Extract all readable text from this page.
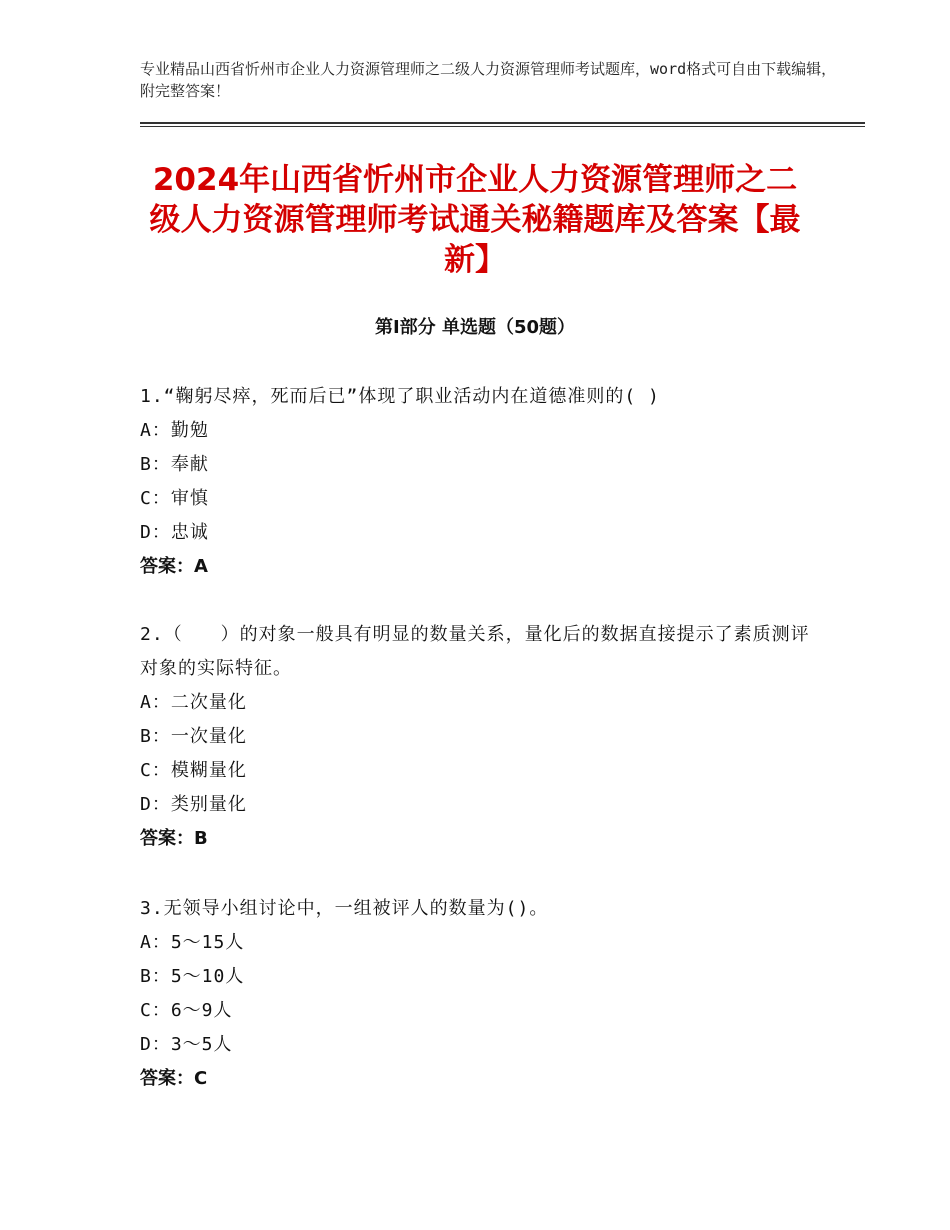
专业精品山西省忻州市企业人力资源管理师之二级人力资源管理师考试题库，word格式可自由下载编辑，附完整答案！
2024年山西省忻州市企业人力资源管理师之二级人力资源管理师考试通关秘籍题库及答案【最新】
第Ⅰ部分 单选题（50题）

1.“鞠躬尽瘁，死而后已”体现了职业活动内在道德准则的( )

A：勤勉

B：奉献

C：审慎

D：忠诚

答案：A

2.（　　）的对象一般具有明显的数量关系，量化后的数据直接提示了素质测评对象的实际特征。

A：二次量化

B：一次量化

C：模糊量化

D：类别量化

答案：B

3.无领导小组讨论中，一组被评人的数量为()。

A：5～15人

B：5～10人

C：6～9人

D：3～5人

答案：C
